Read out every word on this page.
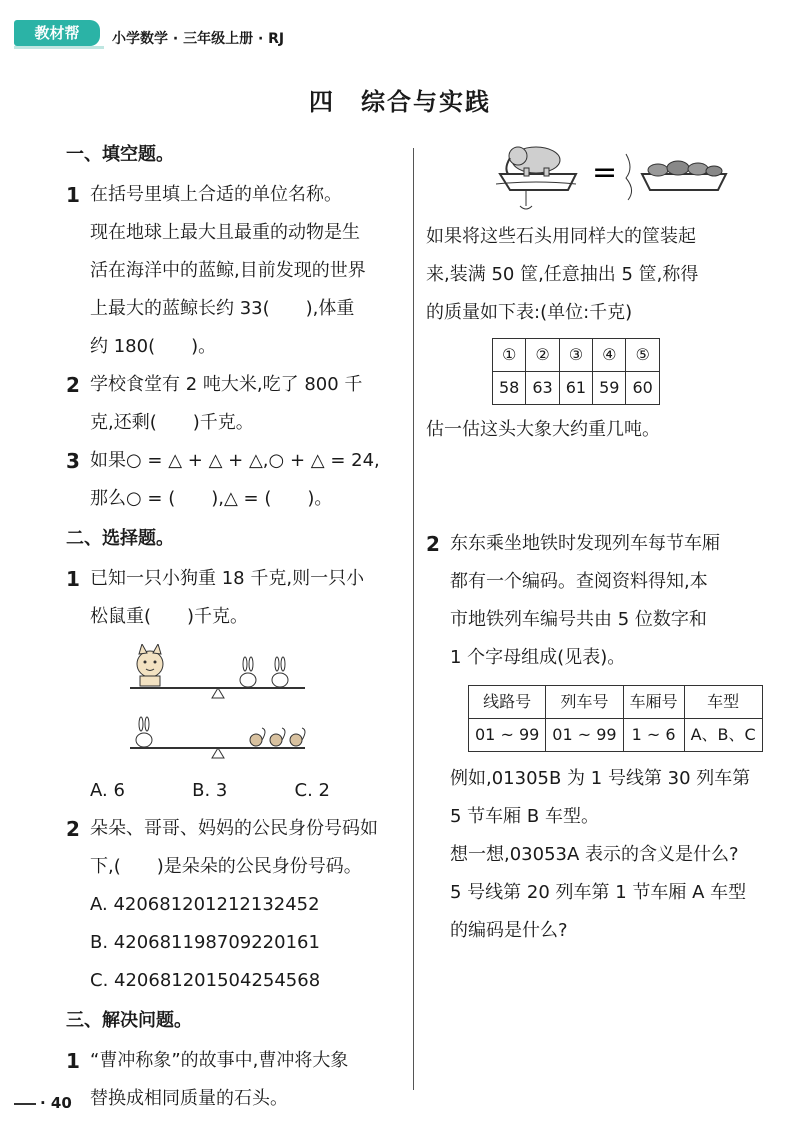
教材帮	小学数学 · 三年级上册 · RJ
四　综合与实践
一、填空题。
1 在括号里填上合适的单位名称。
现在地球上最大且最重的动物是生
活在海洋中的蓝鲸,目前发现的世界
上最大的蓝鲸长约 33(　　),体重
约 180(　　)。
2 学校食堂有 2 吨大米,吃了 800 千
克,还剩(　　)千克。
3 如果○ = △ + △ + △,○ + △ = 24,
那么○ = (　　),△ = (　　)。
二、选择题。
1 已知一只小狗重 18 千克,则一只小
松鼠重(　　)千克。
A. 6	B. 3	C. 2
2 朵朵、哥哥、妈妈的公民身份号码如
下,(　　)是朵朵的公民身份号码。
A. 420681201212132452
B. 420681198709220161
C. 420681201504254568
三、解决问题。
1 “曹冲称象”的故事中,曹冲将大象
替换成相同质量的石头。
=
如果将这些石头用同样大的筐装起
来,装满 50 筐,任意抽出 5 筐,称得
的质量如下表:(单位:千克)
①	②	③	④	⑤
58	63	61	59	60
估一估这头大象大约重几吨。
2 东东乘坐地铁时发现列车每节车厢
都有一个编码。查阅资料得知,本
市地铁列车编号共由 5 位数字和
1 个字母组成(见表)。
线路号	列车号	车厢号	车型
01 ~ 99	01 ~ 99	1 ~ 6	A、B、C
例如,01305B 为 1 号线第 30 列车第
5 节车厢 B 车型。
想一想,03053A 表示的含义是什么?
5 号线第 20 列车第 1 节车厢 A 车型
的编码是什么?
· 40
